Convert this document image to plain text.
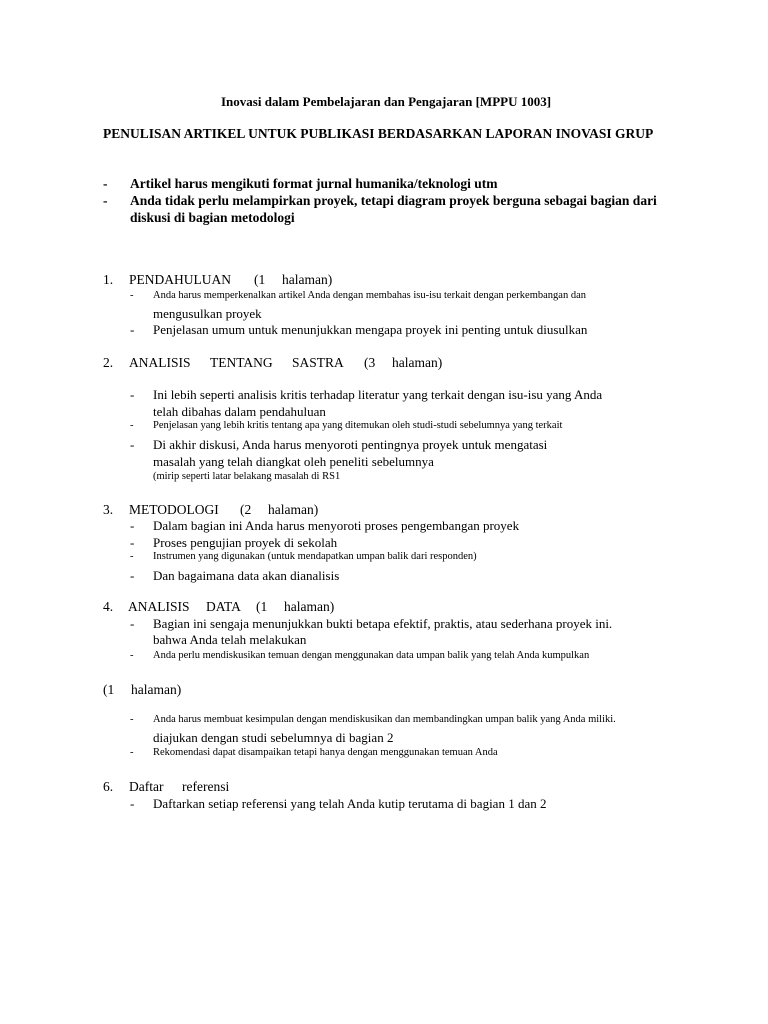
Inovasi dalam Pembelajaran dan Pengajaran [MPPU 1003]
PENULISAN ARTIKEL UNTUK PUBLIKASI BERDASARKAN LAPORAN INOVASI GRUP
- Artikel harus mengikuti format jurnal humanika/teknologi utm
- Anda tidak perlu melampirkan proyek, tetapi diagram proyek berguna sebagai bagian dari
diskusi di bagian metodologi
1. PENDAHULUAN (1 halaman)
- Anda harus memperkenalkan artikel Anda dengan membahas isu-isu terkait dengan perkembangan dan
mengusulkan proyek
- Penjelasan umum untuk menunjukkan mengapa proyek ini penting untuk diusulkan
2. ANALISIS TENTANG SASTRA (3 halaman)
- Ini lebih seperti analisis kritis terhadap literatur yang terkait dengan isu-isu yang Anda
telah dibahas dalam pendahuluan
- Penjelasan yang lebih kritis tentang apa yang ditemukan oleh studi-studi sebelumnya yang terkait
- Di akhir diskusi, Anda harus menyoroti pentingnya proyek untuk mengatasi
masalah yang telah diangkat oleh peneliti sebelumnya
(mirip seperti latar belakang masalah di RS1
3. METODOLOGI (2 halaman)
- Dalam bagian ini Anda harus menyoroti proses pengembangan proyek
- Proses pengujian proyek di sekolah
- Instrumen yang digunakan (untuk mendapatkan umpan balik dari responden)
- Dan bagaimana data akan dianalisis
4. ANALISIS DATA (1 halaman)
- Bagian ini sengaja menunjukkan bukti betapa efektif, praktis, atau sederhana proyek ini.
bahwa Anda telah melakukan
- Anda perlu mendiskusikan temuan dengan menggunakan data umpan balik yang telah Anda kumpulkan
(1 halaman)
- Anda harus membuat kesimpulan dengan mendiskusikan dan membandingkan umpan balik yang Anda miliki.
diajukan dengan studi sebelumnya di bagian 2
- Rekomendasi dapat disampaikan tetapi hanya dengan menggunakan temuan Anda
6. Daftar referensi
- Daftarkan setiap referensi yang telah Anda kutip terutama di bagian 1 dan 2
